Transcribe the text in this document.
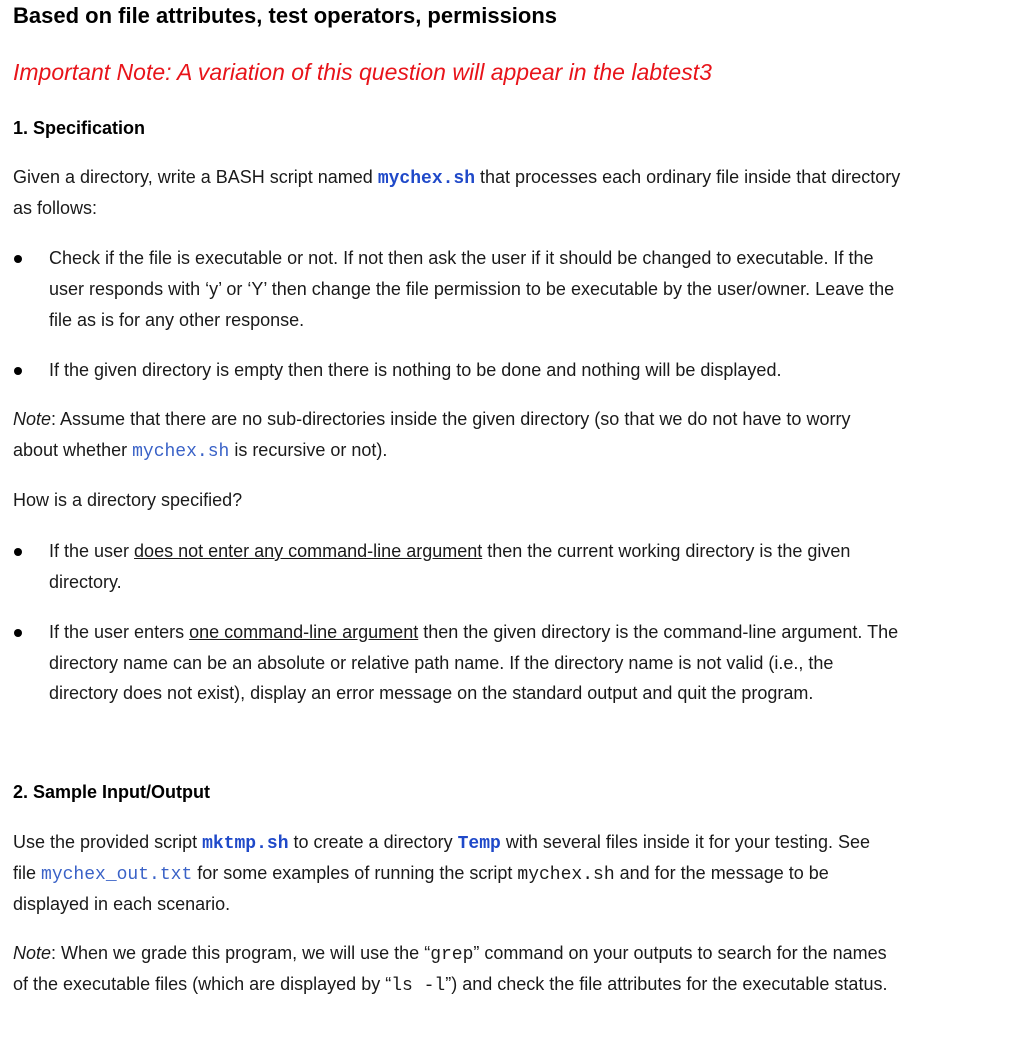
Based on file attributes, test operators, permissions
Important Note: A variation of this question will appear in the labtest3
1. Specification
Given a directory, write a BASH script named mychex.sh that processes each ordinary file inside that directory
as follows:
Check if the file is executable or not. If not then ask the user if it should be changed to executable. If the
user responds with ‘y’ or ‘Y’ then change the file permission to be executable by the user/owner. Leave the
file as is for any other response.
If the given directory is empty then there is nothing to be done and nothing will be displayed.
Note: Assume that there are no sub-directories inside the given directory (so that we do not have to worry
about whether mychex.sh is recursive or not).
How is a directory specified?
If the user does not enter any command-line argument then the current working directory is the given
directory.
If the user enters one command-line argument then the given directory is the command-line argument. The
directory name can be an absolute or relative path name. If the directory name is not valid (i.e., the
directory does not exist), display an error message on the standard output and quit the program.
2. Sample Input/Output
Use the provided script mktmp.sh to create a directory Temp with several files inside it for your testing. See
file mychex_out.txt for some examples of running the script mychex.sh and for the message to be
displayed in each scenario.
Note: When we grade this program, we will use the “grep” command on your outputs to search for the names
of the executable files (which are displayed by “ls -l”) and check the file attributes for the executable status.
